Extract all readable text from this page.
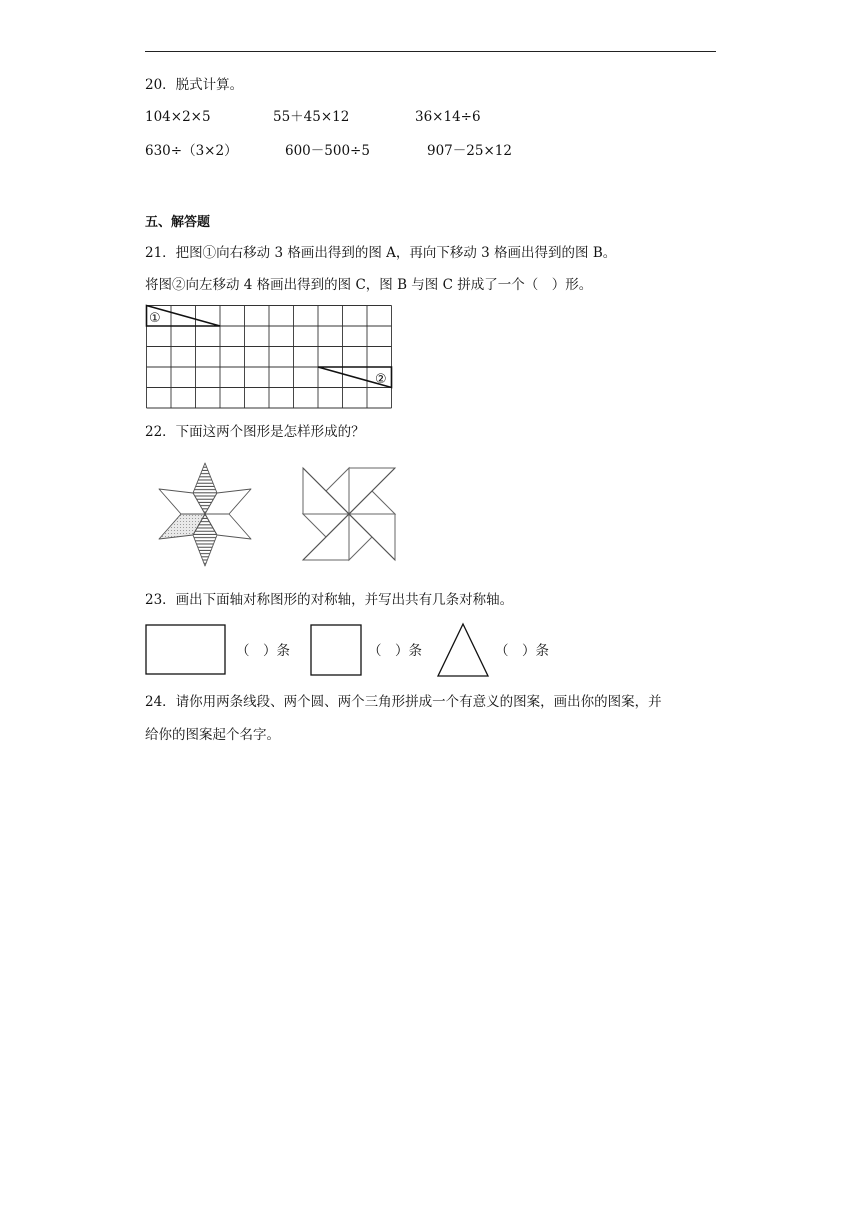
20．脱式计算。
104×2×5	55＋45×12	36×14÷6
630÷（3×2）	600－500÷5	907－25×12
五、解答题
21．把图①向右移动 3 格画出得到的图 A，再向下移动 3 格画出得到的图 B。
将图②向左移动 4 格画出得到的图 C，图 B 与图 C 拼成了一个（　）形。
①
②
22．下面这两个图形是怎样形成的？
23．画出下面轴对称图形的对称轴，并写出共有几条对称轴。
（　）条	（　）条	（　）条
24．请你用两条线段、两个圆、两个三角形拼成一个有意义的图案，画出你的图案，并
给你的图案起个名字。
